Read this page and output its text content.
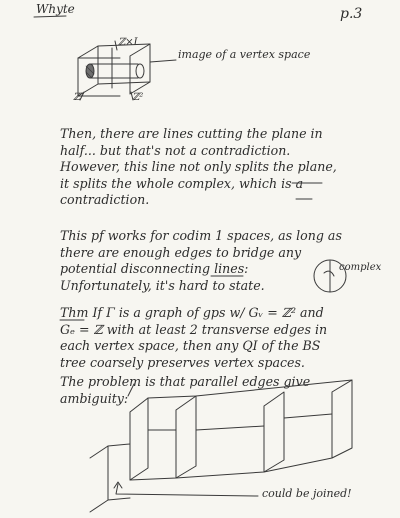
Whyte	p.3
ℤ×I
ℤ²	ℤ²
image of a vertex space
Then, there are lines cutting the plane in
half... but that's not a contradiction.
However, this line not only splits the plane,
it splits the whole complex, which is a
contradiction.
This pf works for codim 1 spaces, as long as
there are enough edges to bridge any
potential disconnecting lines:
Unfortunately, it's hard to state.
complex
Thm If Γ is a graph of gps w/ Gᵥ = ℤ² and
Gₑ = ℤ with at least 2 transverse edges in
each vertex space, then any QI of the BS
tree coarsely preserves vertex spaces.
The problem is that parallel edges give
ambiguity:
could be joined!
